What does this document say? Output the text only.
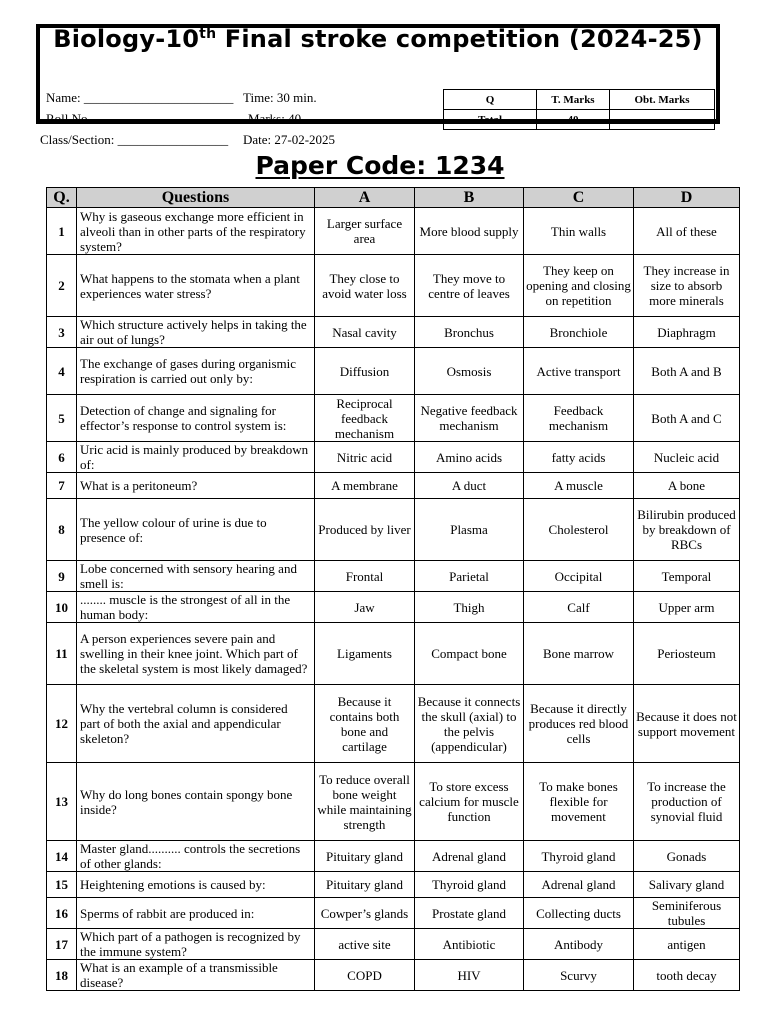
Biology-10th Final stroke competition (2024-25)
Name: _______________________ Time: 30 min.
Roll No	Marks: 40
Class/Section: _________________ Date: 27-02-2025
Q	T. Marks	Obt. Marks
Total	40	
Paper Code: 1234
Q.	Questions	A	B	C	D
1	Why is gaseous exchange more efficient in alveoli than in other parts of the respiratory system?	Larger surface area	More blood supply	Thin walls	All of these
2	What happens to the stomata when a plant experiences water stress?	They close to avoid water loss	They move to centre of leaves	They keep on opening and closing on repetition	They increase in size to absorb more minerals
3	Which structure actively helps in taking the air out of lungs?	Nasal cavity	Bronchus	Bronchiole	Diaphragm
4	The exchange of gases during organismic respiration is carried out only by:	Diffusion	Osmosis	Active transport	Both A and B
5	Detection of change and signaling for effector’s response to control system is:	Reciprocal feedback mechanism	Negative feedback mechanism	Feedback mechanism	Both A and C
6	Uric acid is mainly produced by breakdown of:	Nitric acid	Amino acids	fatty acids	Nucleic acid
7	What is a peritoneum?	A membrane	A duct	A muscle	A bone
8	The yellow colour of urine is due to presence of:	Produced by liver	Plasma	Cholesterol	Bilirubin produced by breakdown of RBCs
9	Lobe concerned with sensory hearing and smell is:	Frontal	Parietal	Occipital	Temporal
10	........ muscle is the strongest of all in the human body:	Jaw	Thigh	Calf	Upper arm
11	A person experiences severe pain and swelling in their knee joint. Which part of the skeletal system is most likely damaged?	Ligaments	Compact bone	Bone marrow	Periosteum
12	Why the vertebral column is considered part of both the axial and appendicular skeleton?	Because it contains both bone and cartilage	Because it connects the skull (axial) to the pelvis (appendicular)	Because it directly produces red blood cells	Because it does not support movement
13	Why do long bones contain spongy bone inside?	To reduce overall bone weight while maintaining strength	To store excess calcium for muscle function	To make bones flexible for movement	To increase the production of synovial fluid
14	Master gland.......... controls the secretions of other glands:	Pituitary gland	Adrenal gland	Thyroid gland	Gonads
15	Heightening emotions is caused by:	Pituitary gland	Thyroid gland	Adrenal gland	Salivary gland
16	Sperms of rabbit are produced in:	Cowper’s glands	Prostate gland	Collecting ducts	Seminiferous tubules
17	Which part of a pathogen is recognized by the immune system?	active site	Antibiotic	Antibody	antigen
18	What is an example of a transmissible disease?	COPD	HIV	Scurvy	tooth decay
